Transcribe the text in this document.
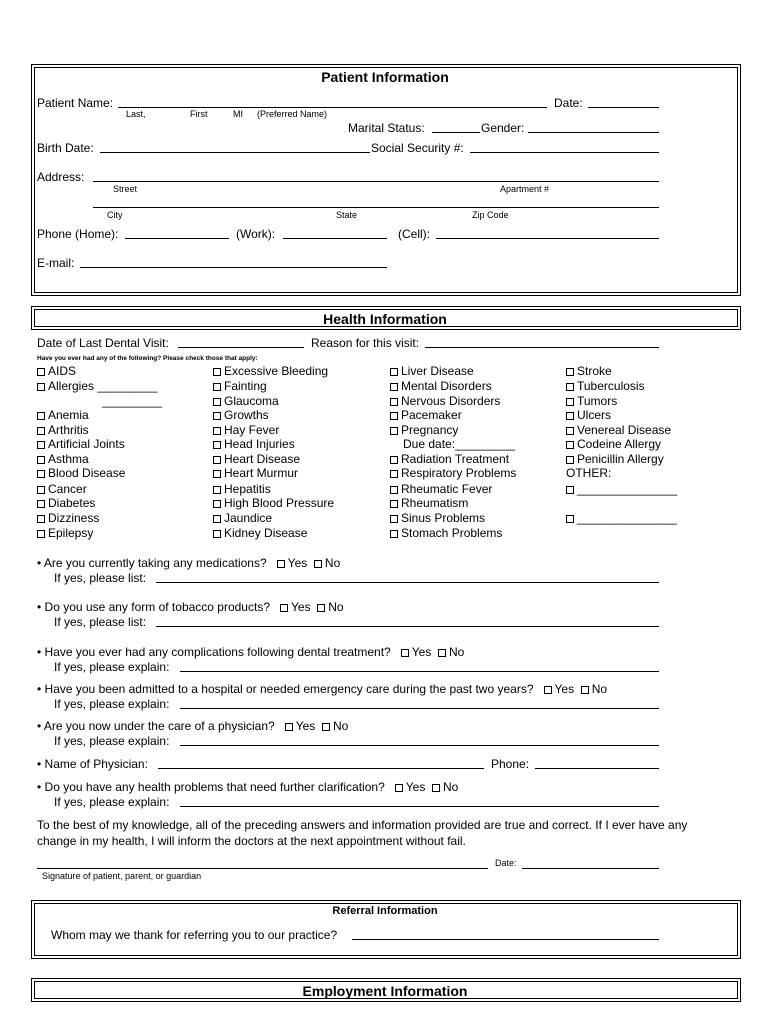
Patient Information
Patient Name:	Date:
Last,	First	MI (Preferred Name)
Marital Status:	Gender:
Birth Date:	Social Security #:
Address:
Street	Apartment #
City	State	Zip Code
Phone (Home):	(Work):	(Cell):
E-mail:
Health Information
Date of Last Dental Visit:	Reason for this visit:
Have you ever had any of the following? Please check those that apply:
AIDS
Allergies _________
_________
Anemia
Arthritis
Artificial Joints
Asthma
Blood Disease
Cancer
Diabetes
Dizziness
Epilepsy
Excessive Bleeding
Fainting
Glaucoma
Growths
Hay Fever
Head Injuries
Heart Disease
Heart Murmur
Hepatitis
High Blood Pressure
Jaundice
Kidney Disease
Liver Disease
Mental Disorders
Nervous Disorders
Pacemaker
Pregnancy
Due date:_________
Radiation Treatment
Respiratory Problems
Rheumatic Fever
Rheumatism
Sinus Problems
Stomach Problems
Stroke
Tuberculosis
Tumors
Ulcers
Venereal Disease
Codeine Allergy
Penicillin Allergy
OTHER:
_______________
_______________
• Are you currently taking any medications? Yes No
If yes, please list:
• Do you use any form of tobacco products? Yes No
If yes, please list:
• Have you ever had any complications following dental treatment? Yes No
If yes, please explain:
• Have you been admitted to a hospital or needed emergency care during the past two years? Yes No
If yes, please explain:
• Are you now under the care of a physician? Yes No
If yes, please explain:
• Name of Physician:	Phone:
• Do you have any health problems that need further clarification? Yes No
If yes, please explain:
To the best of my knowledge, all of the preceding answers and information provided are true and correct. If I ever have any
change in my health, I will inform the doctors at the next appointment without fail.
Date:
Signature of patient, parent, or guardian
Referral Information
Whom may we thank for referring you to our practice?
Employment Information
